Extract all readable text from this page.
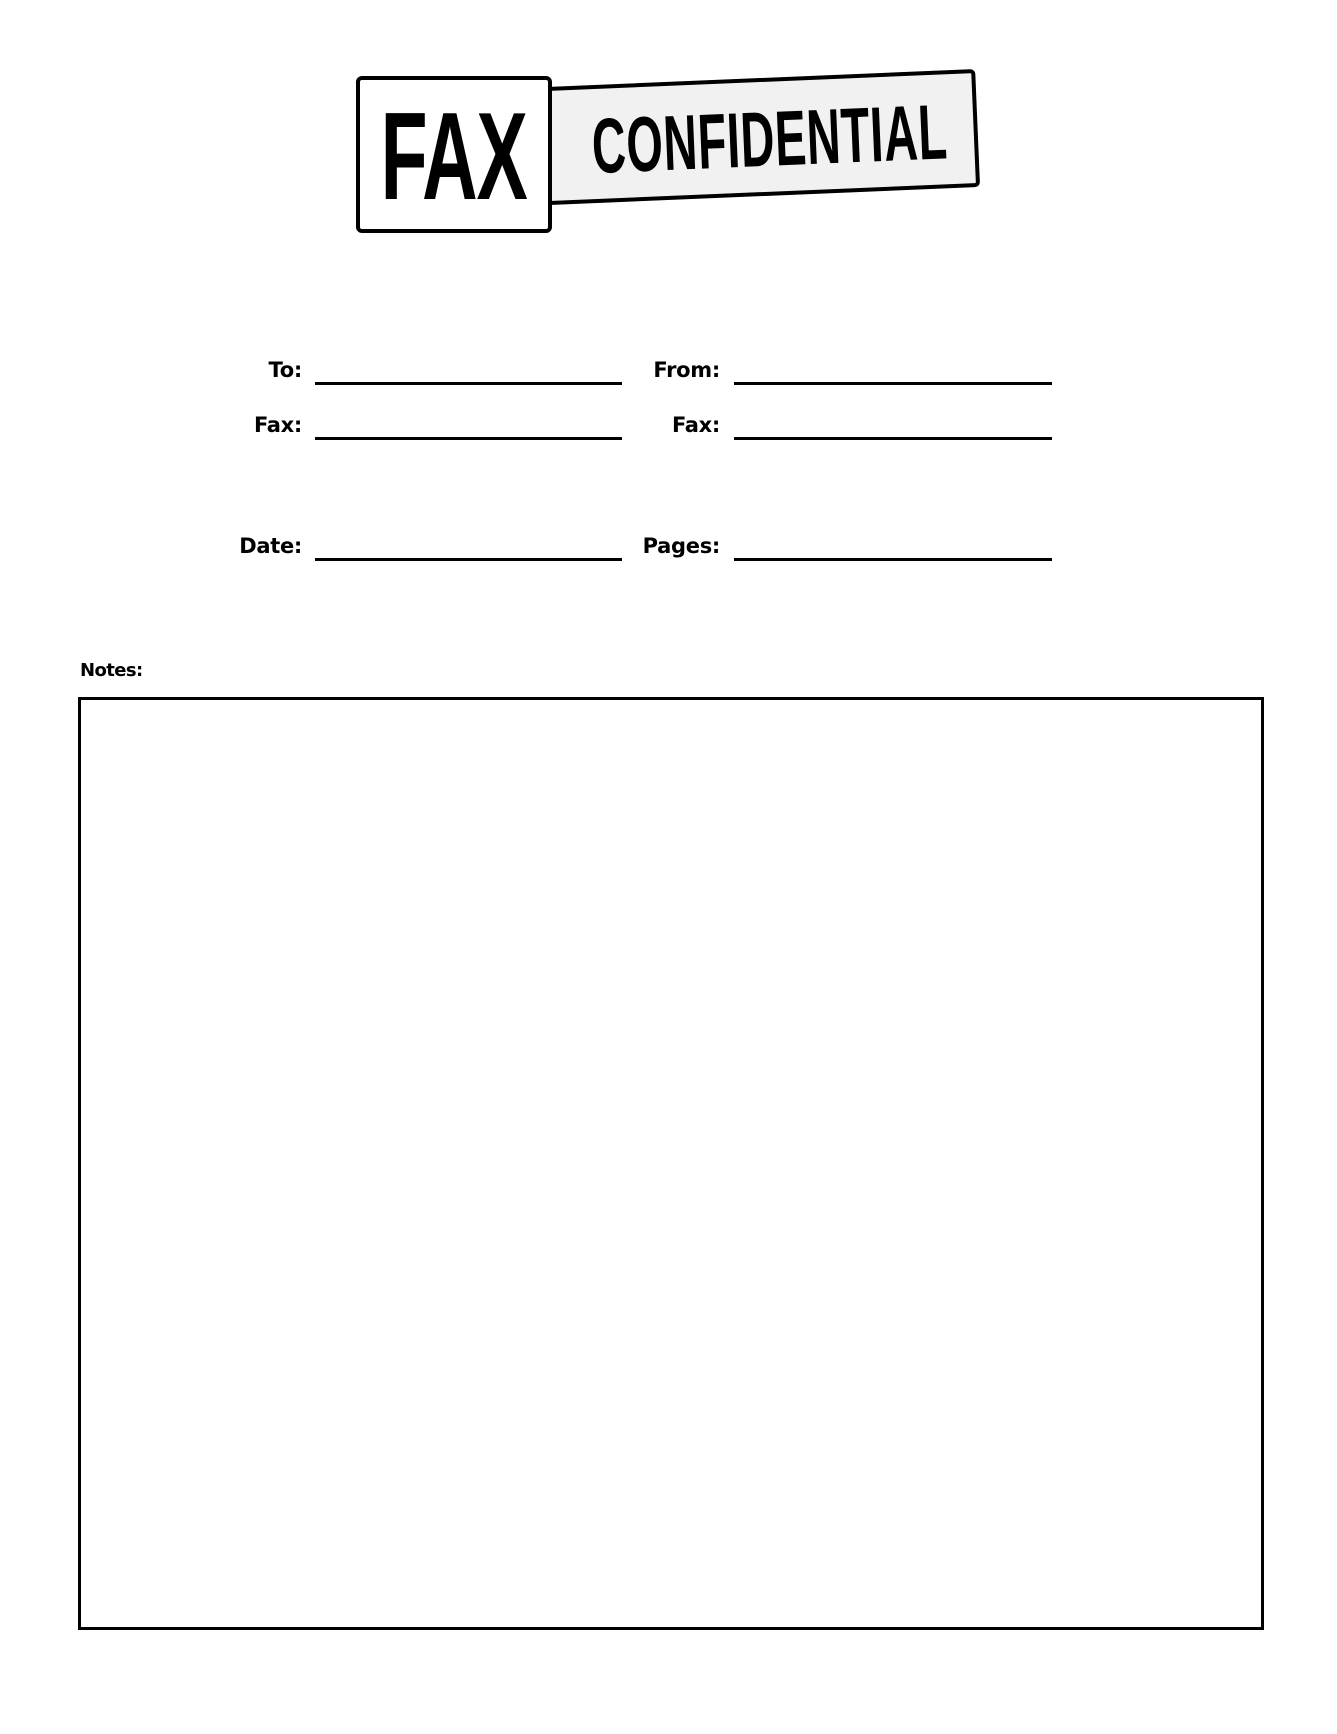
CONFIDENTIAL
FAX
To:	From:
Fax:	Fax:
Date:	Pages:
Notes:
